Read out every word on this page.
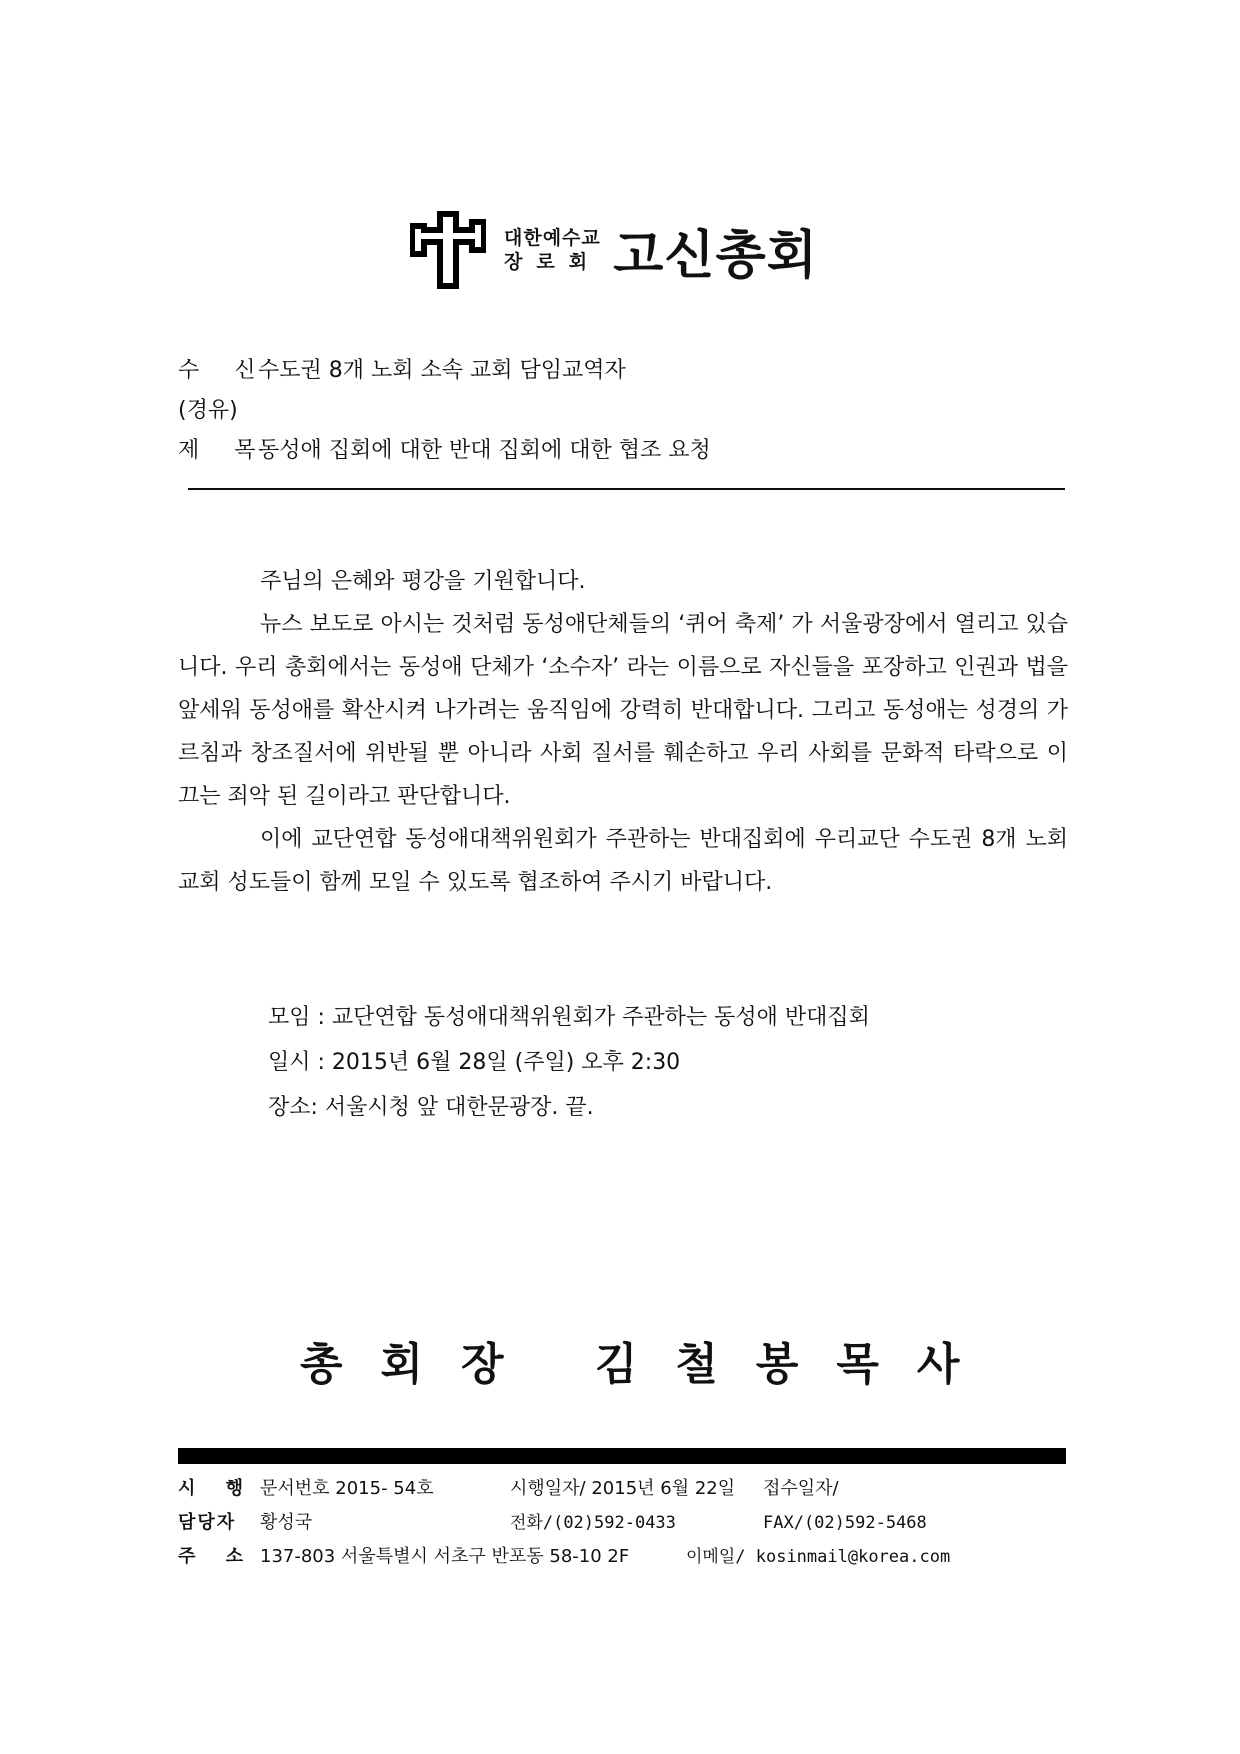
대한예수교
장로회 고신총회
수 신수도권 8개 노회 소속 교회 담임교역자
(경유)
제 목동성애 집회에 대한 반대 집회에 대한 협조 요청

주님의 은혜와 평강을 기원합니다.

뉴스 보도로 아시는 것처럼 동성애단체들의 ‘퀴어 축제’ 가 서울광장에서 열리고 있습니다. 우리 총회에서는 동성애 단체가 ‘소수자’ 라는 이름으로 자신들을 포장하고 인권과 법을 앞세워 동성애를 확산시켜 나가려는 움직임에 강력히 반대합니다. 그리고 동성애는 성경의 가르침과 창조질서에 위반될 뿐 아니라 사회 질서를 훼손하고 우리 사회를 문화적 타락으로 이끄는 죄악 된 길이라고 판단합니다.

이에 교단연합 동성애대책위원회가 주관하는 반대집회에 우리교단 수도권 8개 노회 교회 성도들이 함께 모일 수 있도록 협조하여 주시기 바랍니다.

모임 : 교단연합 동성애대책위원회가 주관하는 동성애 반대집회
일시 : 2015년 6월 28일 (주일) 오후 2:30
장소: 서울시청 앞 대한문광장. 끝.
총회장 김철봉목사
시 행 문서번호 2015- 54호	시행일자/ 2015년 6월 22일 접수일자/
담당자 황성국	전화/(02)592-0433	FAX/(02)592-5468
주 소 137-803 서울특별시 서초구 반포동 58-10 2F	이메일/ kosinmail@korea.com
